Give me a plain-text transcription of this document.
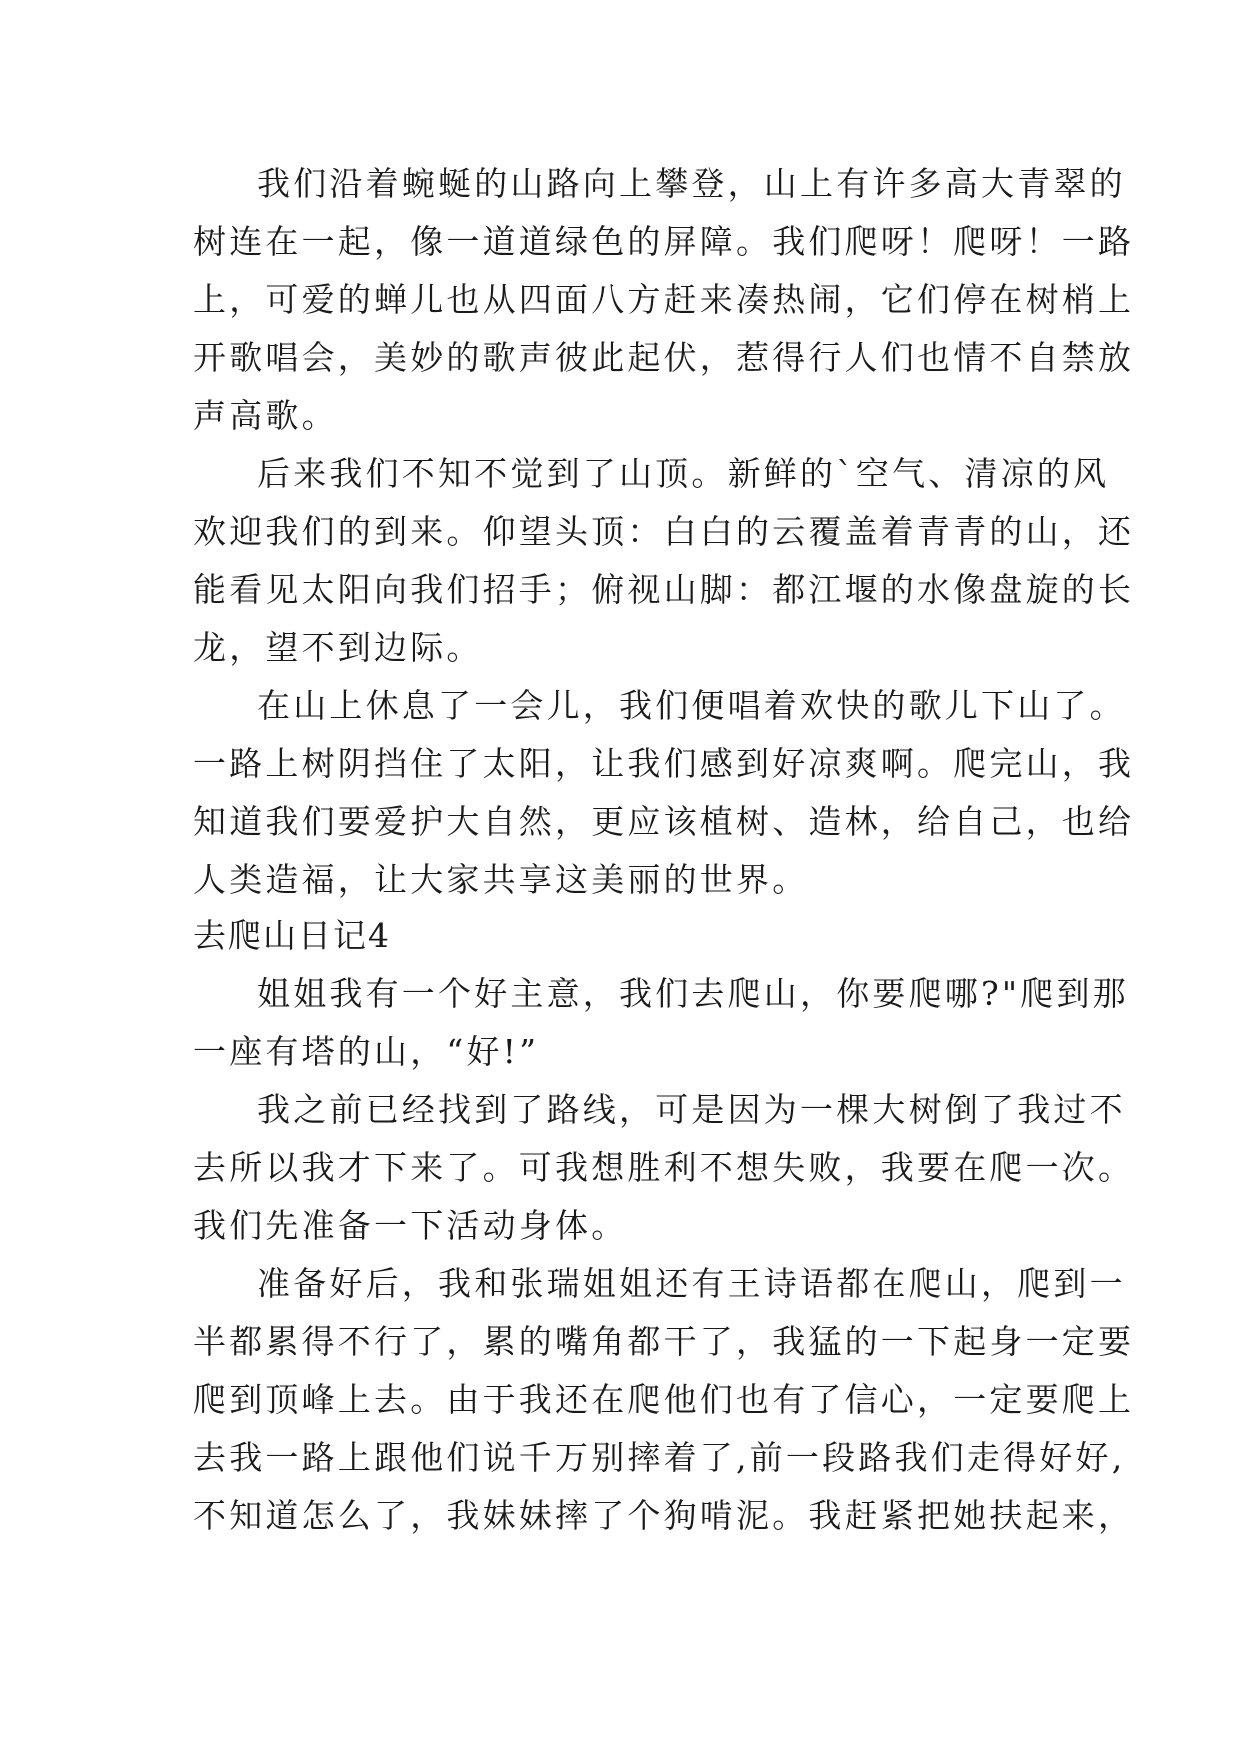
我们沿着蜿蜒的山路向上攀登，山上有许多高大青翠的

树连在一起，像一道道绿色的屏障。我们爬呀！爬呀！一路

上，可爱的蝉儿也从四面八方赶来凑热闹，它们停在树梢上

开歌唱会，美妙的歌声彼此起伏，惹得行人们也情不自禁放

声高歌。

后来我们不知不觉到了山顶。新鲜的`空气、清凉的风

欢迎我们的到来。仰望头顶：白白的云覆盖着青青的山，还

能看见太阳向我们招手；俯视山脚：都江堰的水像盘旋的长

龙，望不到边际。

在山上休息了一会儿，我们便唱着欢快的歌儿下山了。

一路上树阴挡住了太阳，让我们感到好凉爽啊。爬完山，我

知道我们要爱护大自然，更应该植树、造林，给自己，也给

人类造福，让大家共享这美丽的世界。

去爬山日记4

姐姐我有一个好主意，我们去爬山，你要爬哪?"爬到那

一座有塔的山，“好!”

我之前已经找到了路线，可是因为一棵大树倒了我过不

去所以我才下来了。可我想胜利不想失败，我要在爬一次。

我们先准备一下活动身体。

准备好后，我和张瑞姐姐还有王诗语都在爬山，爬到一

半都累得不行了，累的嘴角都干了，我猛的一下起身一定要

爬到顶峰上去。由于我还在爬他们也有了信心，一定要爬上

去我一路上跟他们说千万别摔着了,前一段路我们走得好好,

不知道怎么了，我妹妹摔了个狗啃泥。我赶紧把她扶起来，
